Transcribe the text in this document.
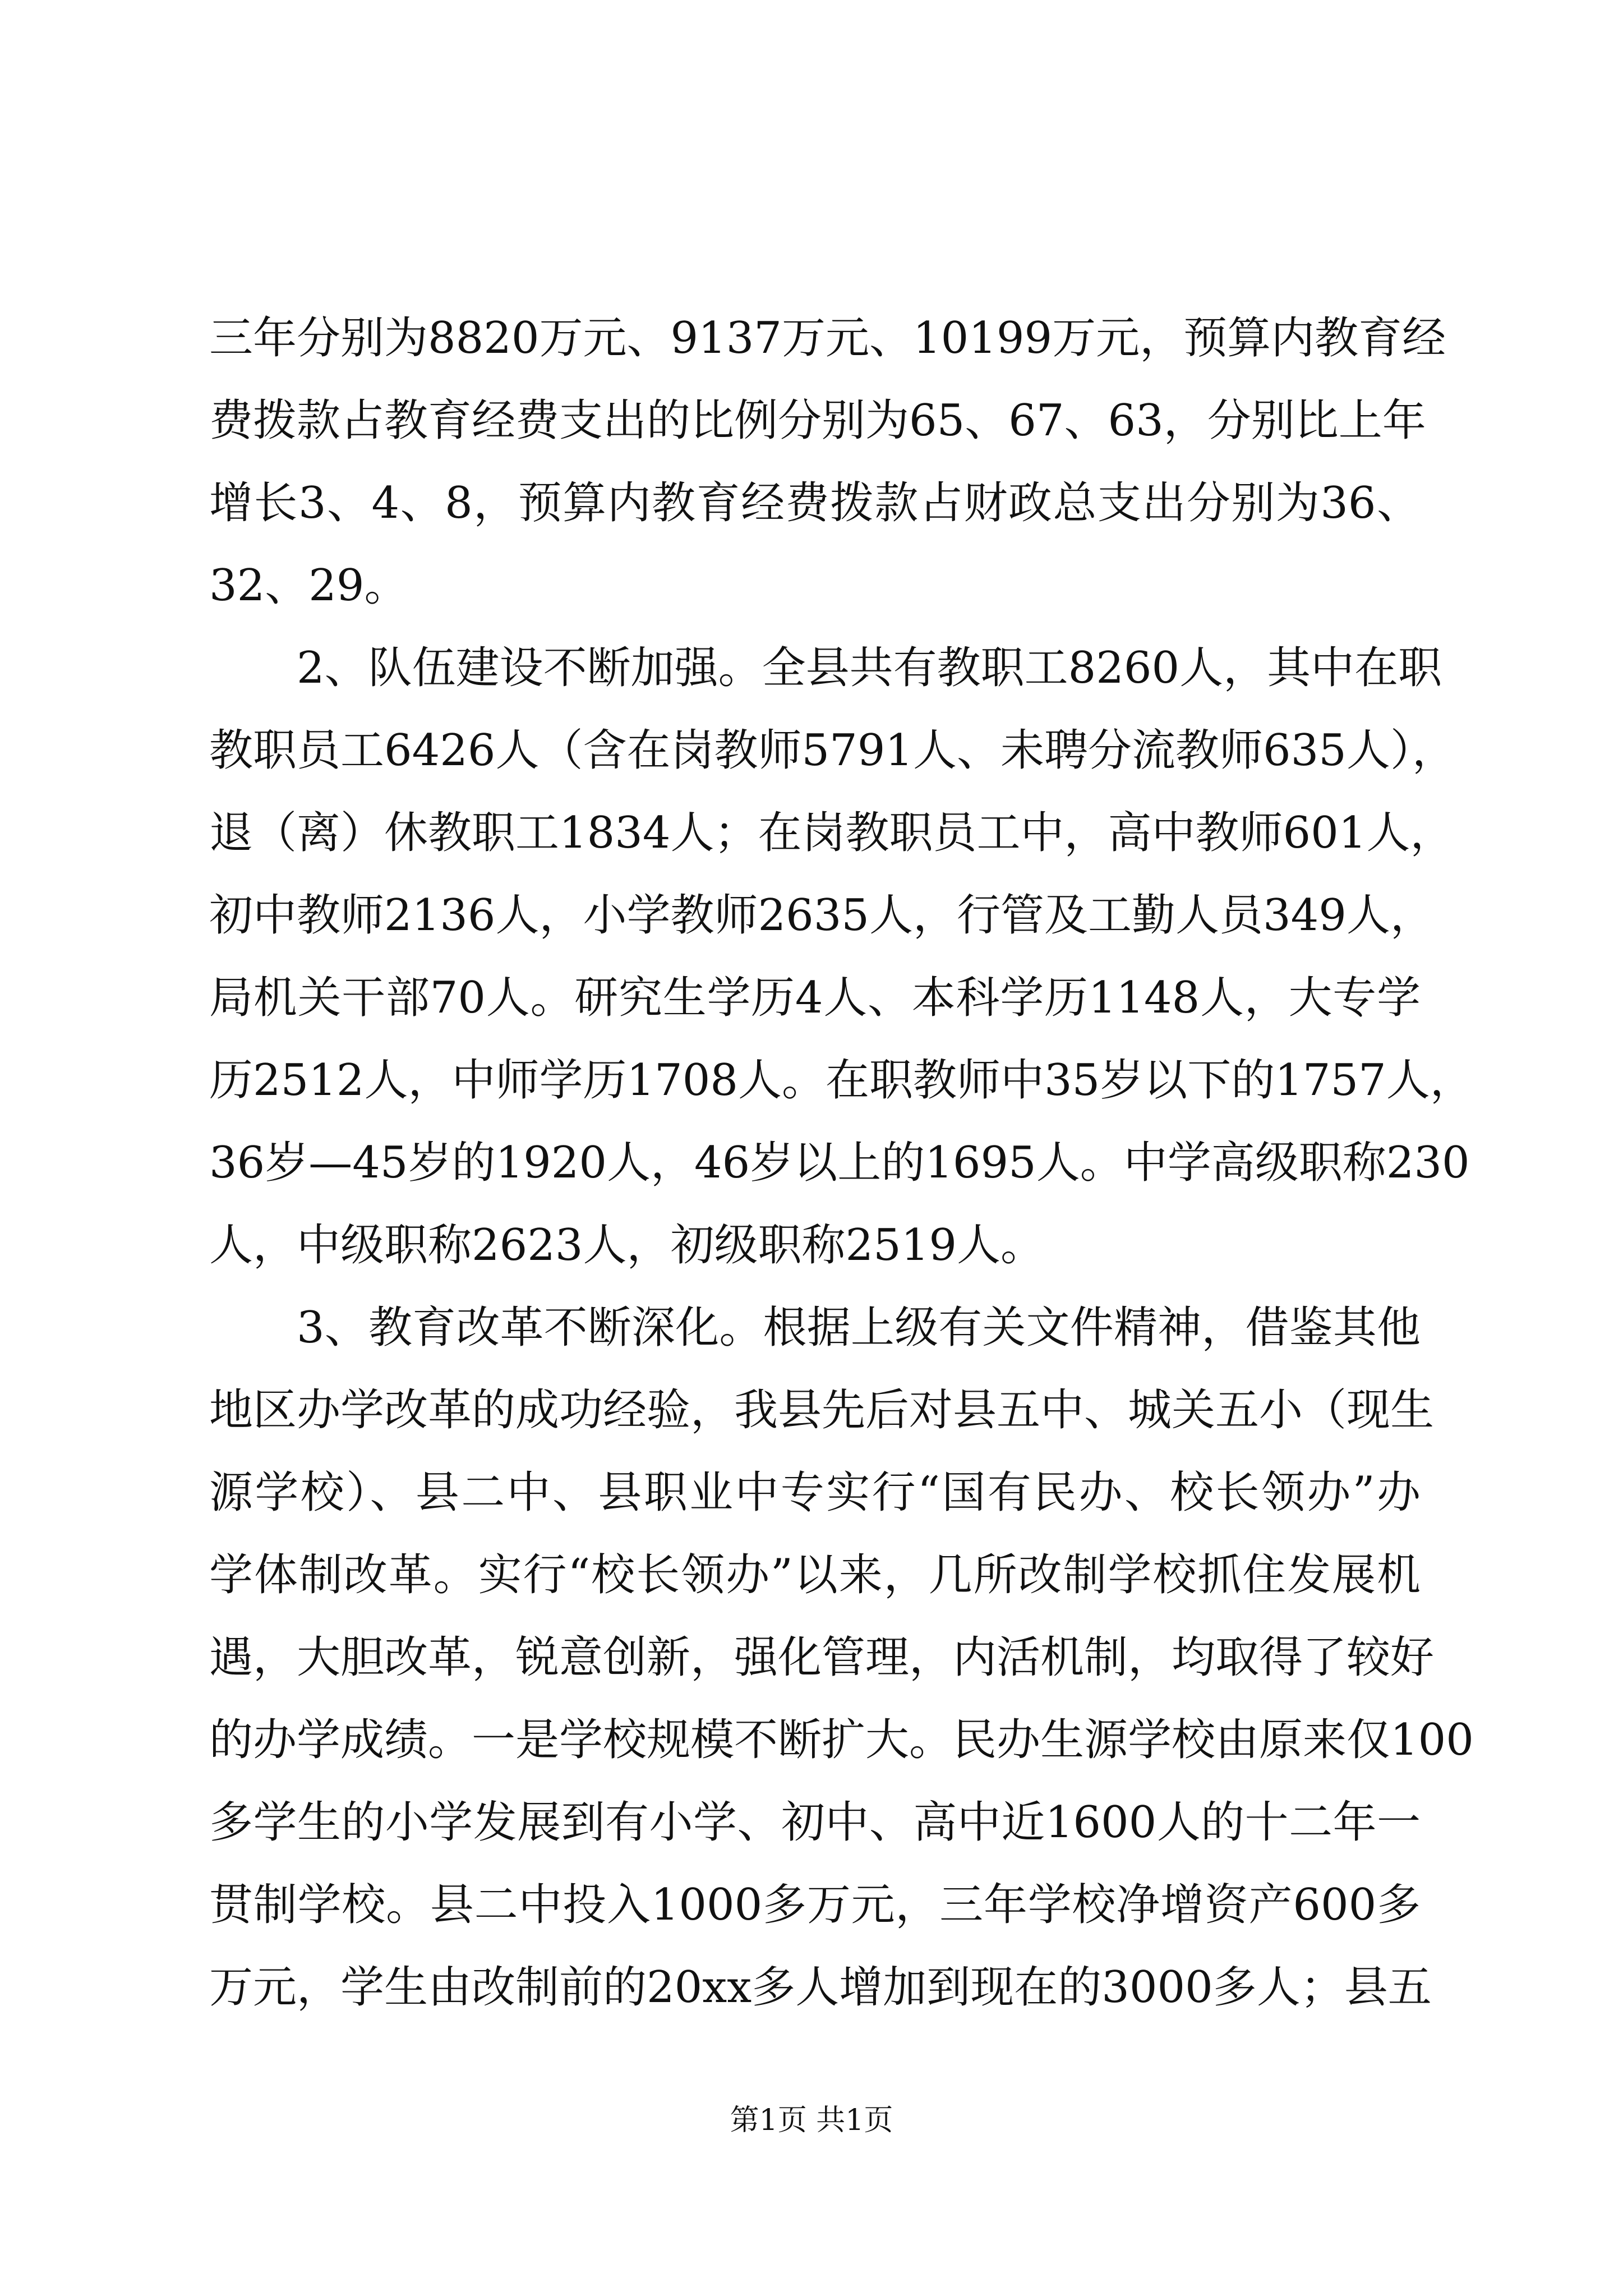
三年分别为8820万元、9137万元、10199万元，预算内教育经
费拨款占教育经费支出的比例分别为65、67、63，分别比上年
增长3、4、8，预算内教育经费拨款占财政总支出分别为36、
32、29。
2、队伍建设不断加强。全县共有教职工8260人，其中在职
教职员工6426人（含在岗教师5791人、未聘分流教师635人），
退（离）休教职工1834人；在岗教职员工中，高中教师601人，
初中教师2136人，小学教师2635人，行管及工勤人员349人，
局机关干部70人。研究生学历4人、本科学历1148人，大专学
历2512人，中师学历1708人。在职教师中35岁以下的1757人，
36岁—45岁的1920人，46岁以上的1695人。中学高级职称230
人，中级职称2623人，初级职称2519人。
3、教育改革不断深化。根据上级有关文件精神，借鉴其他
地区办学改革的成功经验，我县先后对县五中、城关五小（现生
源学校）、县二中、县职业中专实行“国有民办、校长领办”办
学体制改革。实行“校长领办”以来，几所改制学校抓住发展机
遇，大胆改革，锐意创新，强化管理，内活机制，均取得了较好
的办学成绩。一是学校规模不断扩大。民办生源学校由原来仅100
多学生的小学发展到有小学、初中、高中近1600人的十二年一
贯制学校。县二中投入1000多万元，三年学校净增资产600多
万元，学生由改制前的20xx多人增加到现在的3000多人；县五
第1页 共1页
